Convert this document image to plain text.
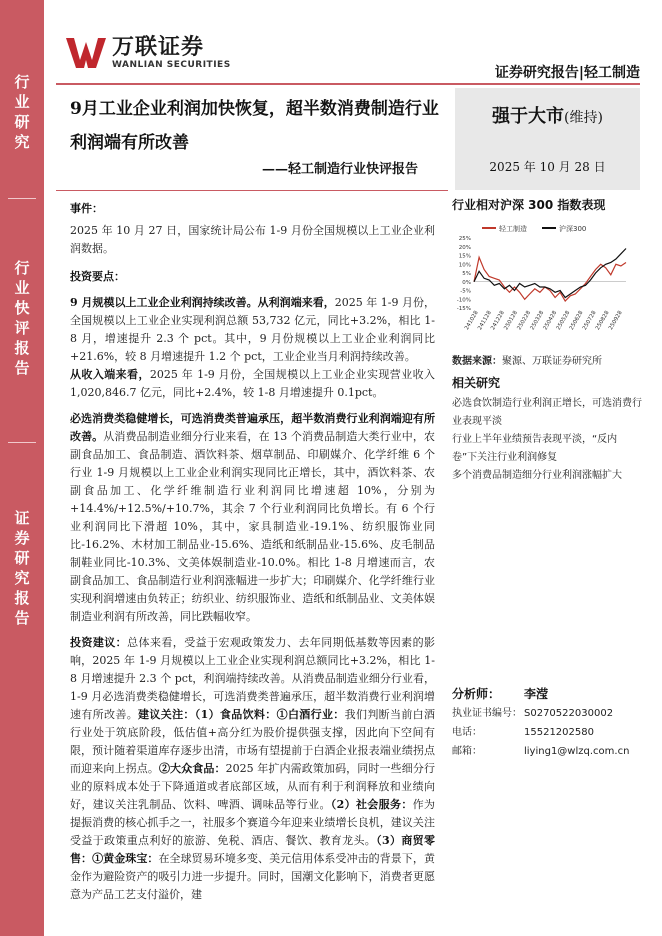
行
业
研
究
行
业
快
评
报
告
证
券
研
究
报
告
万联证券
WANLIAN SECURITIES	证券研究报告|轻工制造
9月工业企业利润加快恢复，超半数消费制造行业利润端有所改善
——轻工制造行业快评报告
强于大市(维持)
2025 年 10 月 28 日

事件：

2025 年 10 月 27 日，国家统计局公布 1-9 月份全国规模以上工业企业利润数据。

投资要点：

9 月规模以上工业企业利润持续改善。从利润端来看，2025 年 1-9 月份，全国规模以上工业企业实现利润总额 53,732 亿元，同比+3.2%，相比 1-8 月，增速提升 2.3 个 pct。其中，9 月份规模以上工业企业利润同比+21.6%，较 8 月增速提升 1.2 个 pct，工业企业当月利润持续改善。

从收入端来看，2025 年 1-9 月份，全国规模以上工业企业实现营业收入 1,020,846.7 亿元，同比+2.4%，较 1-8 月增速提升 0.1pct。

必选消费类稳健增长，可选消费类普遍承压，超半数消费行业利润端迎有所改善。从消费品制造业细分行业来看，在 13 个消费品制造大类行业中，农副食品加工、食品制造、酒饮料茶、烟草制品、印刷媒介、化学纤维 6 个行业 1-9 月规模以上工业企业利润实现同比正增长，其中，酒饮料茶、农副食品加工、化学纤维制造行业利润同比增速超 10%，分别为+14.4%/+12.5%/+10.7%，其余 7 个行业利润同比负增长。有 6 个行业利润同比下滑超 10%，其中，家具制造业-19.1%、纺织服饰业同比-16.2%、木材加工制品业-15.6%、造纸和纸制品业-15.6%、皮毛制品制鞋业同比-10.3%、文美体娱制造业-10.0%。相比 1-8 月增速而言，农副食品加工、食品制造行业利润涨幅进一步扩大；印刷媒介、化学纤维行业实现利润增速由负转正；纺织业、纺织服饰业、造纸和纸制品业、文美体娱制造业利润有所改善，同比跌幅收窄。

投资建议：总体来看，受益于宏观政策发力、去年同期低基数等因素的影响，2025 年 1-9 月规模以上工业企业实现利润总额同比+3.2%，相比 1-8 月增速提升 2.3 个 pct，利润端持续改善。从消费品制造业细分行业看，1-9 月必选消费类稳健增长，可选消费类普遍承压，超半数消费行业利润增速有所改善。建议关注：（1）食品饮料：①白酒行业：我们判断当前白酒行业处于筑底阶段，低估值+高分红为股价提供强支撑，因此向下空间有限，预计随着渠道库存逐步出清，市场有望提前于白酒企业报表端业绩拐点而迎来向上拐点。②大众食品：2025 年扩内需政策加码，同时一些细分行业的原料成本处于下降通道或者底部区域，从而有利于利润释放和业绩向好，建议关注乳制品、饮料、啤酒、调味品等行业。（2）社会服务：作为提振消费的核心抓手之一，社服多个赛道今年迎来业绩增长良机，建议关注受益于政策重点利好的旅游、免税、酒店、餐饮、教育龙头。（3）商贸零售：①黄金珠宝：在全球贸易环境多变、美元信用体系受冲击的背景下，黄金作为避险资产的吸引力进一步提升。同时，国潮文化影响下，消费者更愿意为产品工艺支付溢价，建

行业相对沪深 300 指数表现
轻工制造	沪深300
25%
20%
15%
10%
5%
0%
-5%
-10%
-15%
241028
241128
241228
250128
250228
250328
250428
250528
250628
250728
250828
250928
数据来源：聚源、万联证券研究所
相关研究
必选食饮制造行业利润正增长，可选消费行业表现平淡
行业上半年业绩预告表现平淡，“反内卷”下关注行业利润修复
多个消费品制造细分行业利润涨幅扩大
分析师：	李滢
执业证书编号： S0270522030002
电话：	15521202580
邮箱：	liying1@wlzq.com.cn
